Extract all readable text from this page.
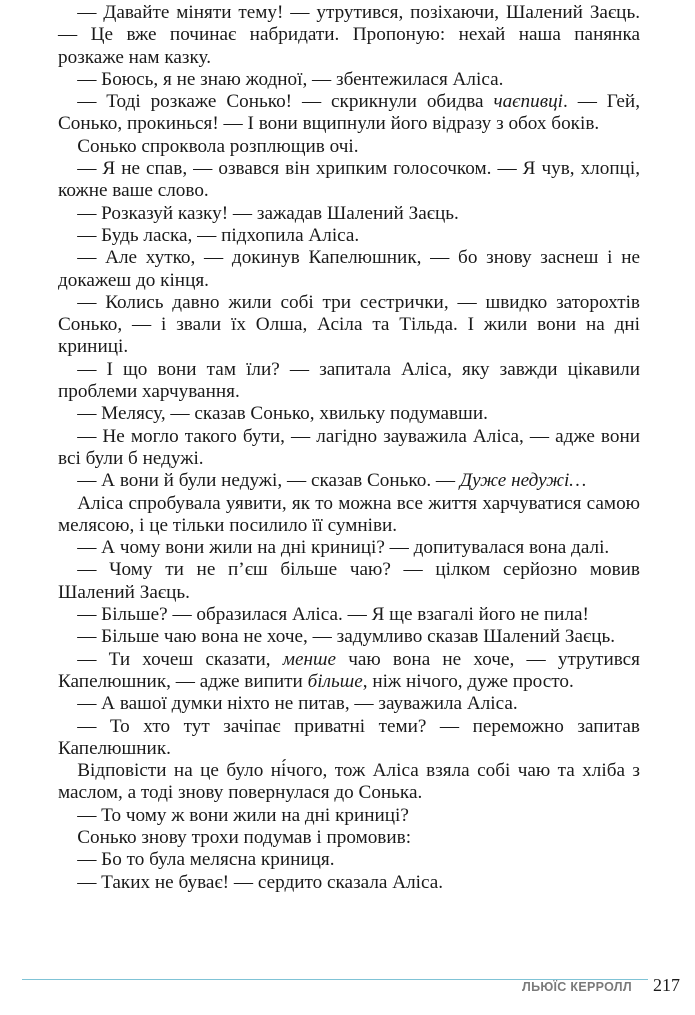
— Давайте міняти тему! — утрутився, позіхаючи, Шалений Заєць. — Це вже починає набридати. Пропоную: нехай наша панянка розкаже нам казку.

— Боюсь, я не знаю жодної, — збентежилася Аліса.

— Тоді розкаже Сонько! — скрикнули обидва чаєпивці. — Гей, Сонько, прокинься! — І вони вщипнули його відразу з обох боків.

Сонько спроквола розплющив очі.

— Я не спав, — озвався він хрипким голосочком. — Я чув, хлопці, кожне ваше слово.

— Розказуй казку! — зажадав Шалений Заєць.

— Будь ласка, — підхопила Аліса.

— Але хутко, — докинув Капелюшник, — бо знову заснеш і не докажеш до кінця.

— Колись давно жили собі три сестрички, — швидко заторохтів Сонько, — і звали їх Олша, Асіла та Тільда. І жили вони на дні криниці.

— І що вони там їли? — запитала Аліса, яку завжди цікавили проблеми харчування.

— Мелясу, — сказав Сонько, хвильку подумавши.

— Не могло такого бути, — лагідно зауважила Аліса, — адже вони всі були б недужі.

— А вони й були недужі, — сказав Сонько. — Дуже недужі…

Аліса спробувала уявити, як то можна все життя харчуватися самою мелясою, і це тільки посилило її сумніви.

— А чому вони жили на дні криниці? — допитувалася вона далі.

— Чому ти не п’єш більше чаю? — цілком серйозно мовив Шалений Заєць.

— Більше? — образилася Аліса. — Я ще взагалі його не пила!

— Більше чаю вона не хоче, — задумливо сказав Шалений Заєць.

— Ти хочеш сказати, менше чаю вона не хоче, — утрутився Капелюшник, — адже випити більше, ніж нічого, дуже просто.

— А вашої думки ніхто не питав, — зауважила Аліса.

— То хто тут зачіпає приватні теми? — переможно запитав Капелюшник.

Відповісти на це було ні́чого, тож Аліса взяла собі чаю та хліба з маслом, а тоді знову повернулася до Сонька.

— То чому ж вони жили на дні криниці?

Сонько знову трохи подумав і промовив:

— Бо то була мелясна криниця.

— Таких не буває! — сердито сказала Аліса.

ЛЬЮЇС КЕРРОЛЛ 217
